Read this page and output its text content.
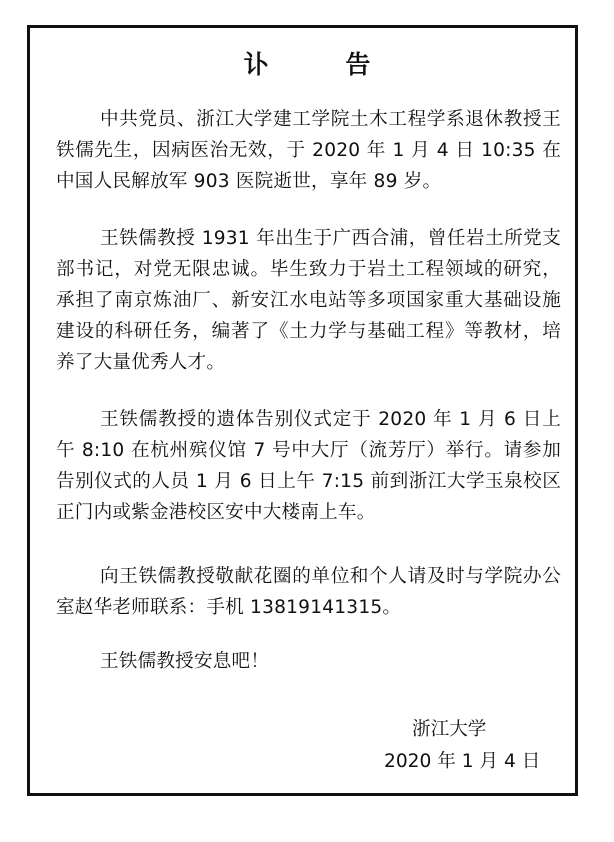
讣 告

中共党员、浙江大学建工学院土木工程学系退休教授王铁儒先生，因病医治无效，于 2020 年 1 月 4 日 10:35 在中国人民解放军 903 医院逝世，享年 89 岁。

王铁儒教授 1931 年出生于广西合浦，曾任岩土所党支部书记，对党无限忠诚。毕生致力于岩土工程领域的研究，承担了南京炼油厂、新安江水电站等多项国家重大基础设施建设的科研任务，编著了《土力学与基础工程》等教材，培养了大量优秀人才。

王铁儒教授的遗体告别仪式定于 2020 年 1 月 6 日上午 8:10 在杭州殡仪馆 7 号中大厅（流芳厅）举行。请参加告别仪式的人员 1 月 6 日上午 7:15 前到浙江大学玉泉校区正门内或紫金港校区安中大楼南上车。

向王铁儒教授敬献花圈的单位和个人请及时与学院办公室赵华老师联系：手机 13819141315。

王铁儒教授安息吧！

浙江大学
2020 年 1 月 4 日
